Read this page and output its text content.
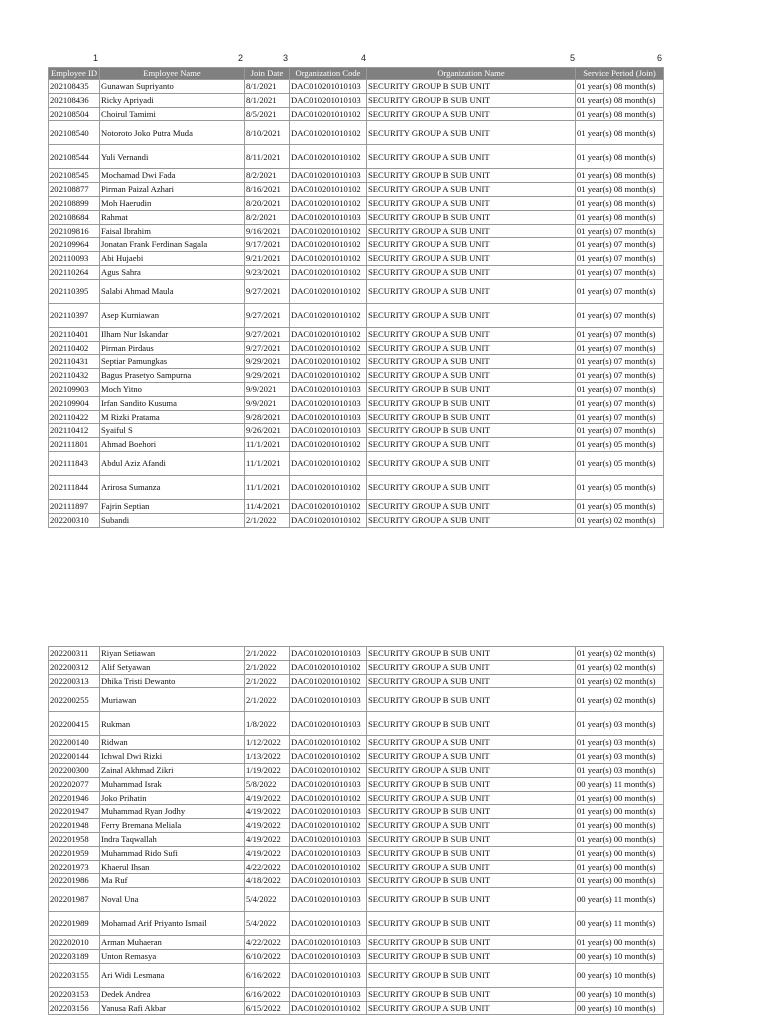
1	2	3	4	5	6
Employee ID	Employee Name	Join Date	Organization Code	Organization Name	Service Period (Join)
202108435	Gunawan Supriyanto	8/1/2021	DAC010201010103	SECURITY GROUP B SUB UNIT	01 year(s) 08 month(s)
202108436	Ricky Apriyadi	8/1/2021	DAC010201010103	SECURITY GROUP B SUB UNIT	01 year(s) 08 month(s)
202108504	Choirul Tamimi	8/5/2021	DAC010201010102	SECURITY GROUP A SUB UNIT	01 year(s) 08 month(s)
202108540	Notoroto Joko Putra Muda	8/10/2021	DAC010201010102	SECURITY GROUP A SUB UNIT	01 year(s) 08 month(s)
202108544	Yuli Vernandi	8/11/2021	DAC010201010102	SECURITY GROUP A SUB UNIT	01 year(s) 08 month(s)
202108545	Mochamad Dwi Fada	8/2/2021	DAC010201010103	SECURITY GROUP B SUB UNIT	01 year(s) 08 month(s)
202108877	Pirman Paizal Azhari	8/16/2021	DAC010201010102	SECURITY GROUP A SUB UNIT	01 year(s) 08 month(s)
202108899	Moh Haerudin	8/20/2021	DAC010201010102	SECURITY GROUP A SUB UNIT	01 year(s) 08 month(s)
202108684	Rahmat	8/2/2021	DAC010201010103	SECURITY GROUP B SUB UNIT	01 year(s) 08 month(s)
202109816	Faisal Ibrahim	9/16/2021	DAC010201010102	SECURITY GROUP A SUB UNIT	01 year(s) 07 month(s)
202109964	Jonatan Frank Ferdinan Sagala	9/17/2021	DAC010201010102	SECURITY GROUP A SUB UNIT	01 year(s) 07 month(s)
202110093	Abi Hujaebi	9/21/2021	DAC010201010102	SECURITY GROUP A SUB UNIT	01 year(s) 07 month(s)
202110264	Agus Sahra	9/23/2021	DAC010201010102	SECURITY GROUP A SUB UNIT	01 year(s) 07 month(s)
202110395	Salabi Ahmad Maula	9/27/2021	DAC010201010102	SECURITY GROUP A SUB UNIT	01 year(s) 07 month(s)
202110397	Asep Kurniawan	9/27/2021	DAC010201010102	SECURITY GROUP A SUB UNIT	01 year(s) 07 month(s)
202110401	Ilham Nur Iskandar	9/27/2021	DAC010201010102	SECURITY GROUP A SUB UNIT	01 year(s) 07 month(s)
202110402	Pirman Pirdaus	9/27/2021	DAC010201010102	SECURITY GROUP A SUB UNIT	01 year(s) 07 month(s)
202110431	Septiar Pamungkas	9/29/2021	DAC010201010102	SECURITY GROUP A SUB UNIT	01 year(s) 07 month(s)
202110432	Bagus Prasetyo Sampurna	9/29/2021	DAC010201010102	SECURITY GROUP A SUB UNIT	01 year(s) 07 month(s)
202109903	Moch Yitno	9/9/2021	DAC010201010103	SECURITY GROUP B SUB UNIT	01 year(s) 07 month(s)
202109904	Irfan Sandito Kusuma	9/9/2021	DAC010201010103	SECURITY GROUP B SUB UNIT	01 year(s) 07 month(s)
202110422	M Rizki Pratama	9/28/2021	DAC010201010103	SECURITY GROUP B SUB UNIT	01 year(s) 07 month(s)
202110412	Syaiful S	9/26/2021	DAC010201010103	SECURITY GROUP B SUB UNIT	01 year(s) 07 month(s)
202111801	Ahmad Boehori	11/1/2021	DAC010201010102	SECURITY GROUP A SUB UNIT	01 year(s) 05 month(s)
202111843	Abdul Aziz Afandi	11/1/2021	DAC010201010102	SECURITY GROUP A SUB UNIT	01 year(s) 05 month(s)
202111844	Arirosa Sumanza	11/1/2021	DAC010201010102	SECURITY GROUP A SUB UNIT	01 year(s) 05 month(s)
202111897	Fajrin Septian	11/4/2021	DAC010201010102	SECURITY GROUP A SUB UNIT	01 year(s) 05 month(s)
202200310	Subandi	2/1/2022	DAC010201010102	SECURITY GROUP A SUB UNIT	01 year(s) 02 month(s)
202200311	Riyan Setiawan	2/1/2022	DAC010201010103	SECURITY GROUP B SUB UNIT	01 year(s) 02 month(s)
202200312	Alif Setyawan	2/1/2022	DAC010201010102	SECURITY GROUP A SUB UNIT	01 year(s) 02 month(s)
202200313	Dhika Tristi Dewanto	2/1/2022	DAC010201010102	SECURITY GROUP A SUB UNIT	01 year(s) 02 month(s)
202200255	Muriawan	2/1/2022	DAC010201010103	SECURITY GROUP B SUB UNIT	01 year(s) 02 month(s)
202200415	Rukman	1/8/2022	DAC010201010103	SECURITY GROUP B SUB UNIT	01 year(s) 03 month(s)
202200140	Ridwan	1/12/2022	DAC010201010102	SECURITY GROUP A SUB UNIT	01 year(s) 03 month(s)
202200144	Ichwal Dwi Rizki	1/13/2022	DAC010201010102	SECURITY GROUP A SUB UNIT	01 year(s) 03 month(s)
202200300	Zainal Akhmad Zikri	1/19/2022	DAC010201010102	SECURITY GROUP A SUB UNIT	01 year(s) 03 month(s)
202202077	Muhammad Israk	5/8/2022	DAC010201010103	SECURITY GROUP B SUB UNIT	00 year(s) 11 month(s)
202201946	Joko Prihatin	4/19/2022	DAC010201010102	SECURITY GROUP A SUB UNIT	01 year(s) 00 month(s)
202201947	Muhammad Ryan Jodhy	4/19/2022	DAC010201010103	SECURITY GROUP B SUB UNIT	01 year(s) 00 month(s)
202201948	Ferry Bremana Meliala	4/19/2022	DAC010201010102	SECURITY GROUP A SUB UNIT	01 year(s) 00 month(s)
202201958	Indra Taqwallah	4/19/2022	DAC010201010103	SECURITY GROUP B SUB UNIT	01 year(s) 00 month(s)
202201959	Muhammad Rido Sufi	4/19/2022	DAC010201010103	SECURITY GROUP B SUB UNIT	01 year(s) 00 month(s)
202201973	Khaerul Ihsan	4/22/2022	DAC010201010102	SECURITY GROUP A SUB UNIT	01 year(s) 00 month(s)
202201986	Ma Ruf	4/18/2022	DAC010201010103	SECURITY GROUP B SUB UNIT	01 year(s) 00 month(s)
202201987	Noval Una	5/4/2022	DAC010201010103	SECURITY GROUP B SUB UNIT	00 year(s) 11 month(s)
202201989	Mohamad Arif Priyanto Ismail	5/4/2022	DAC010201010103	SECURITY GROUP B SUB UNIT	00 year(s) 11 month(s)
202202010	Arman Muhaeran	4/22/2022	DAC010201010103	SECURITY GROUP B SUB UNIT	01 year(s) 00 month(s)
202203189	Unton Remasya	6/10/2022	DAC010201010103	SECURITY GROUP B SUB UNIT	00 year(s) 10 month(s)
202203155	Ari Widi Lesmana	6/16/2022	DAC010201010103	SECURITY GROUP B SUB UNIT	00 year(s) 10 month(s)
202203153	Dedek Andrea	6/16/2022	DAC010201010103	SECURITY GROUP B SUB UNIT	00 year(s) 10 month(s)
202203156	Yanusa Rafi Akbar	6/15/2022	DAC010201010102	SECURITY GROUP A SUB UNIT	00 year(s) 10 month(s)
